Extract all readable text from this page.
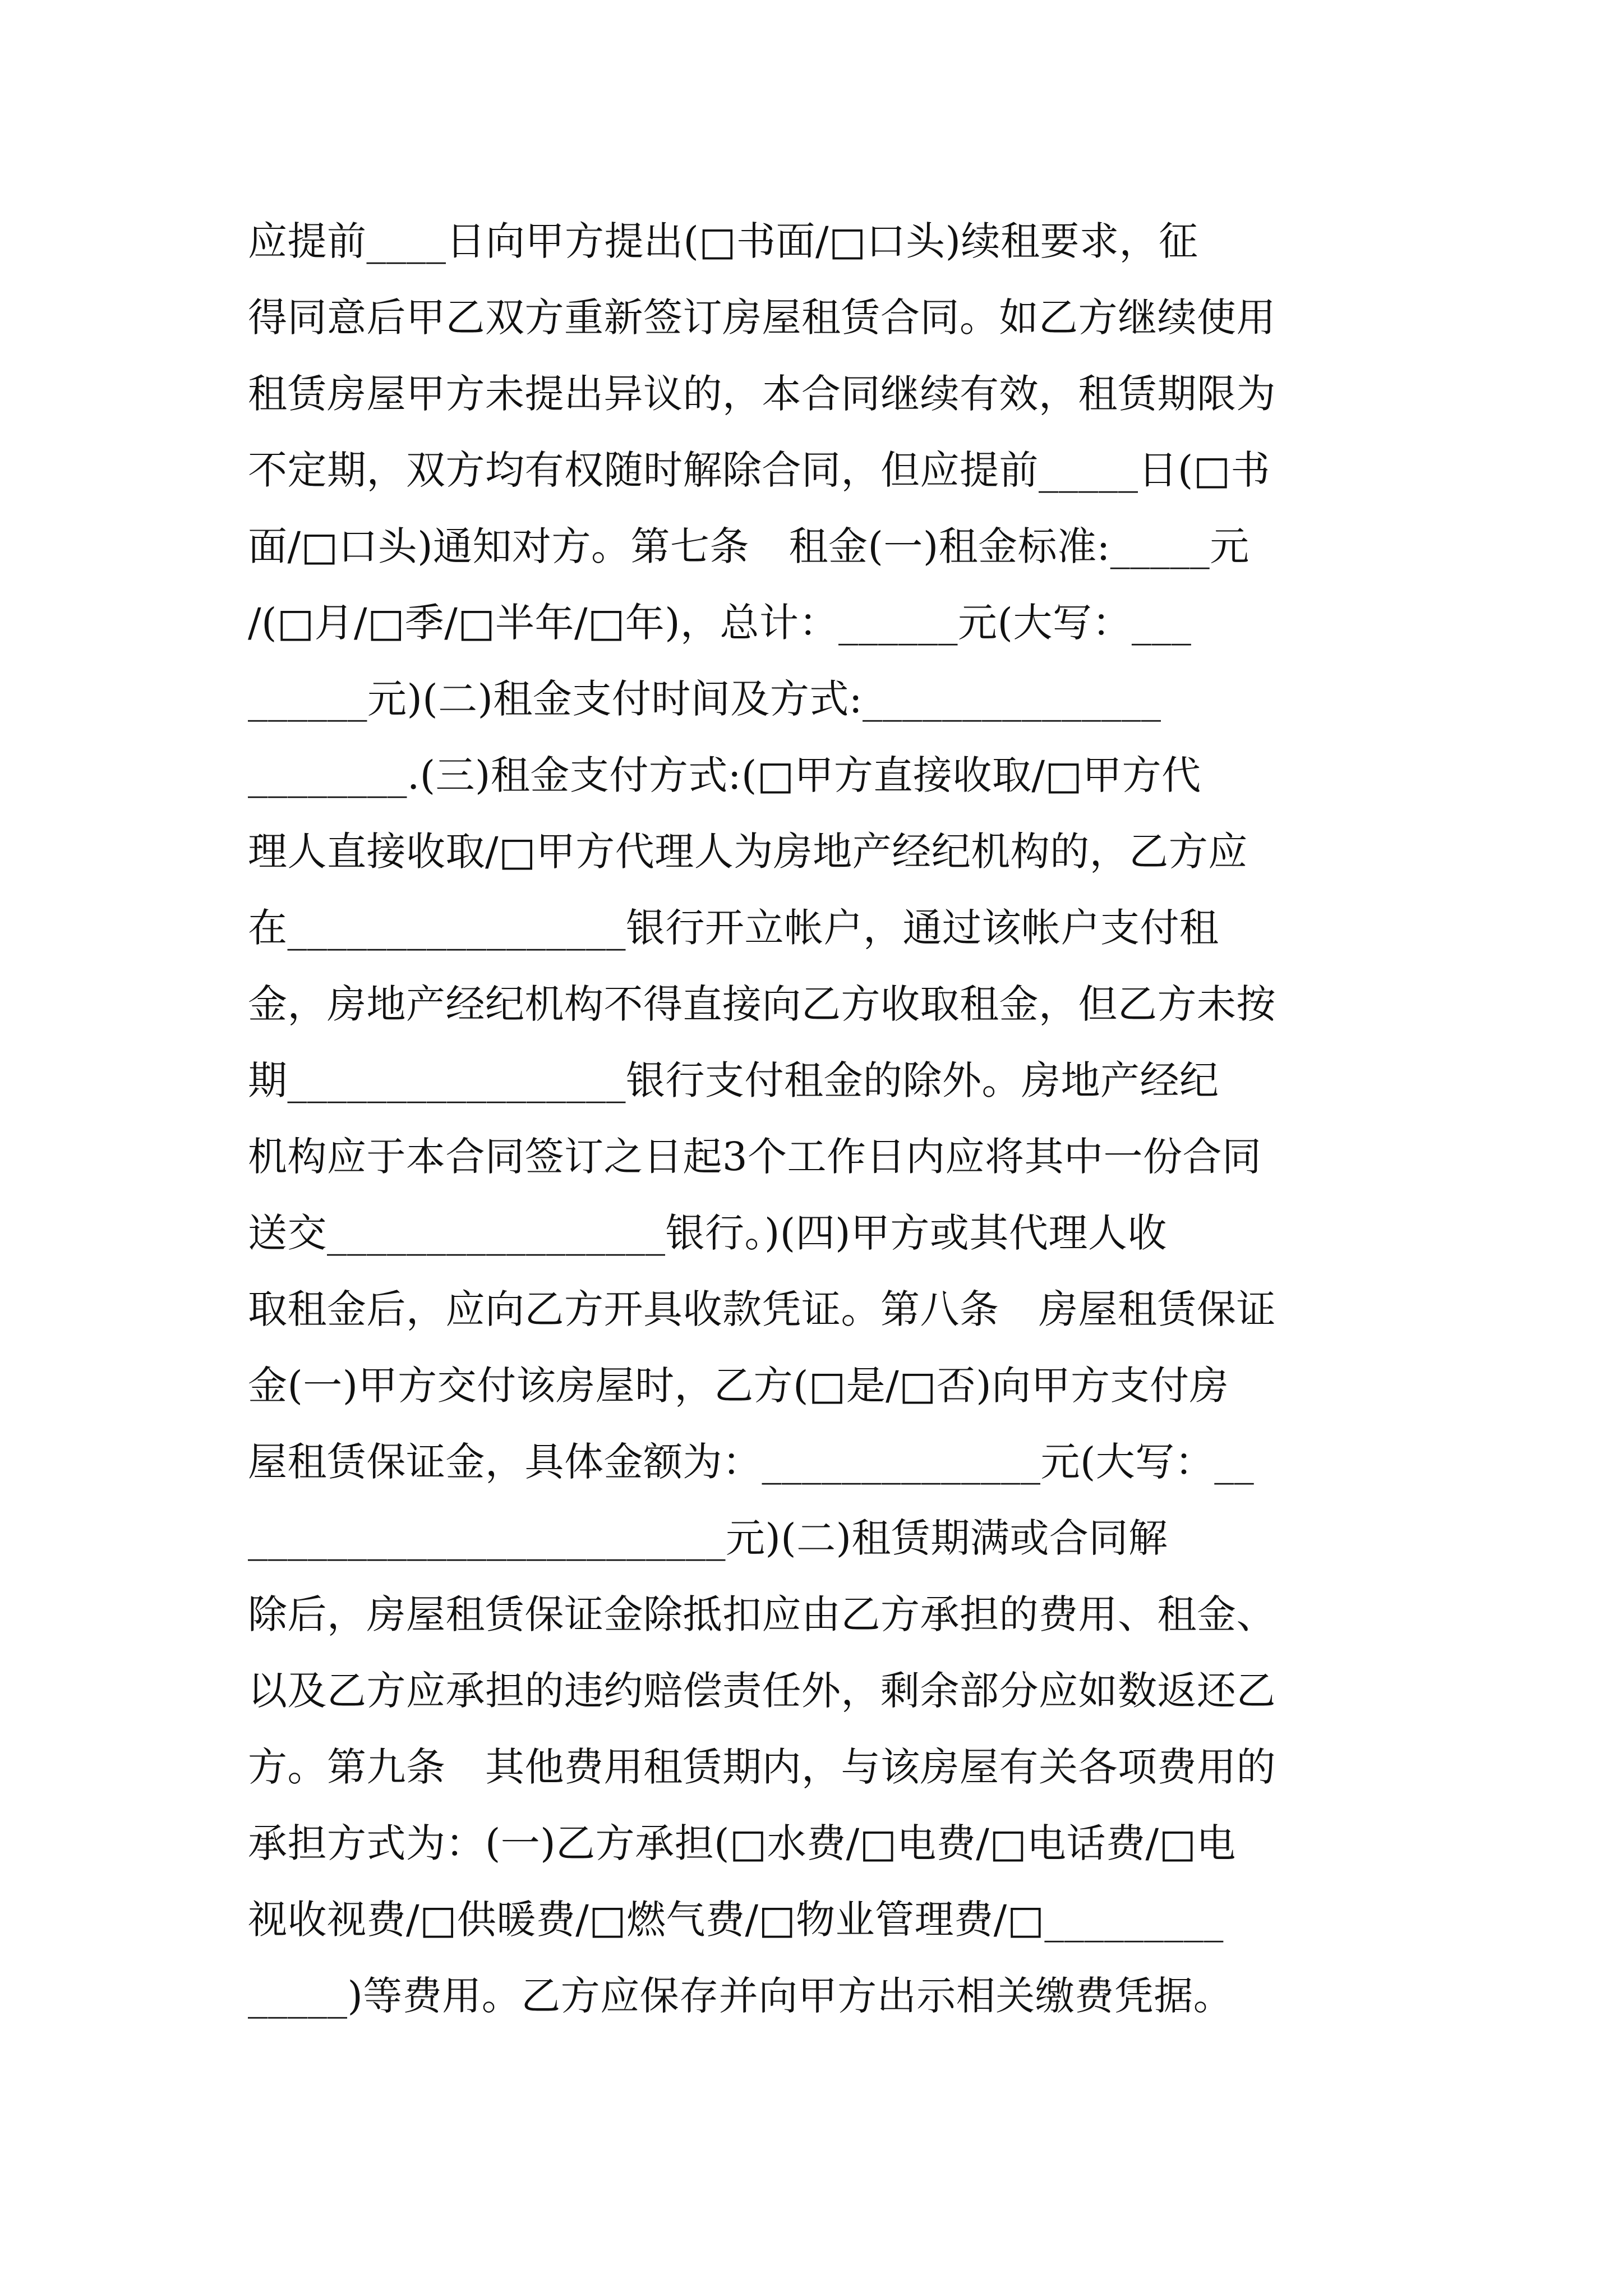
应提前____日向甲方提出(□书面/□口头)续租要求，征
得同意后甲乙双方重新签订房屋租赁合同。如乙方继续使用
租赁房屋甲方未提出异议的，本合同继续有效，租赁期限为
不定期，双方均有权随时解除合同，但应提前_____日(□书
面/□口头)通知对方。第七条　租金(一)租金标准:_____元
/(□月/□季/□半年/□年)，总计：______元(大写：___
______元)(二)租金支付时间及方式:_______________
________.(三)租金支付方式:(□甲方直接收取/□甲方代
理人直接收取/□甲方代理人为房地产经纪机构的，乙方应
在_________________银行开立帐户，通过该帐户支付租
金，房地产经纪机构不得直接向乙方收取租金，但乙方未按
期_________________银行支付租金的除外。房地产经纪
机构应于本合同签订之日起3个工作日内应将其中一份合同
送交_________________银行。)(四)甲方或其代理人收
取租金后，应向乙方开具收款凭证。第八条　房屋租赁保证
金(一)甲方交付该房屋时，乙方(□是/□否)向甲方支付房
屋租赁保证金，具体金额为：______________元(大写：__
________________________元)(二)租赁期满或合同解
除后，房屋租赁保证金除抵扣应由乙方承担的费用、租金、
以及乙方应承担的违约赔偿责任外，剩余部分应如数返还乙
方。第九条　其他费用租赁期内，与该房屋有关各项费用的
承担方式为：(一)乙方承担(□水费/□电费/□电话费/□电
视收视费/□供暖费/□燃气费/□物业管理费/□_________
_____)等费用。乙方应保存并向甲方出示相关缴费凭据。
